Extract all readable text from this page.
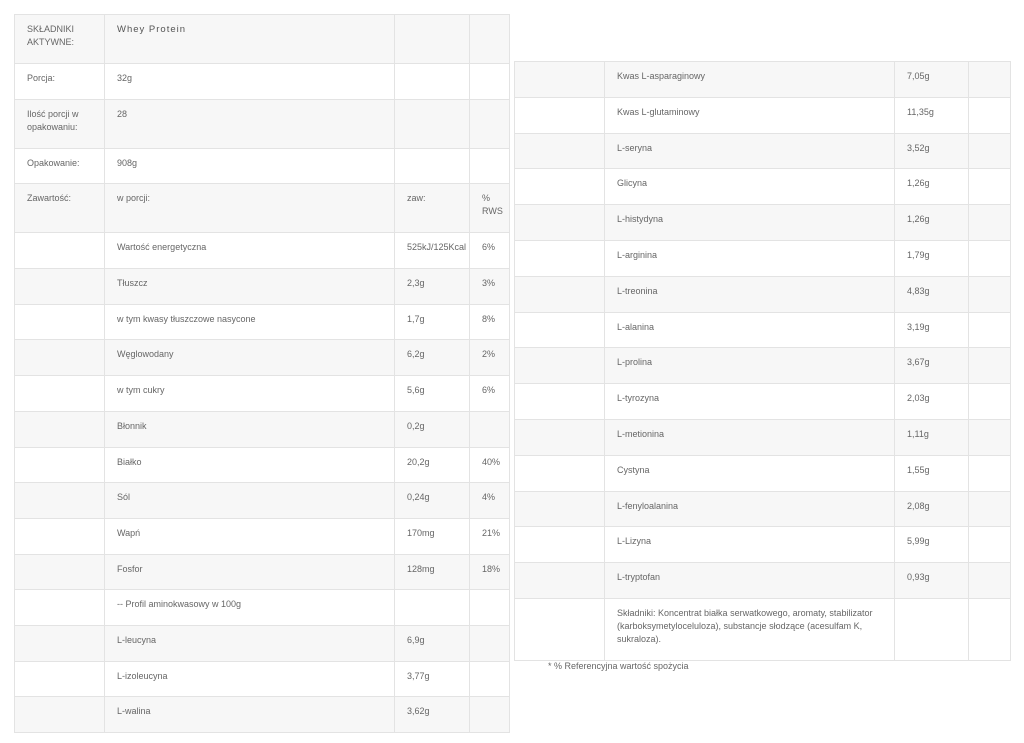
SKŁADNIKI AKTYWNE:	Whey Protein		
Porcja:	32g		
Ilość porcji w opakowaniu:	28		
Opakowanie:	908g		
Zawartość:	w porcji:	zaw:	% RWS
	Wartość energetyczna	525kJ/125Kcal	6%
	Tłuszcz	2,3g	3%
	w tym kwasy tłuszczowe nasycone	1,7g	8%
	Węglowodany	6,2g	2%
	w tym cukry	5,6g	6%
	Błonnik	0,2g	
	Białko	20,2g	40%
	Sól	0,24g	4%
	Wapń	170mg	21%
	Fosfor	128mg	18%
	-- Profil aminokwasowy w 100g		
	L-leucyna	6,9g	
	L-izoleucyna	3,77g	
	L-walina	3,62g	
	Kwas L-asparaginowy	7,05g	
	Kwas L-glutaminowy	11,35g	
	L-seryna	3,52g	
	Glicyna	1,26g	
	L-histydyna	1,26g	
	L-arginina	1,79g	
	L-treonina	4,83g	
	L-alanina	3,19g	
	L-prolina	3,67g	
	L-tyrozyna	2,03g	
	L-metionina	1,11g	
	Cystyna	1,55g	
	L-fenyloalanina	2,08g	
	L-Lizyna	5,99g	
	L-tryptofan	0,93g	
	Składniki: Koncentrat białka serwatkowego, aromaty, stabilizator (karboksymetyloceluloza), substancje słodzące (acesulfam K, sukraloza).		
* % Referencyjna wartość spożycia
